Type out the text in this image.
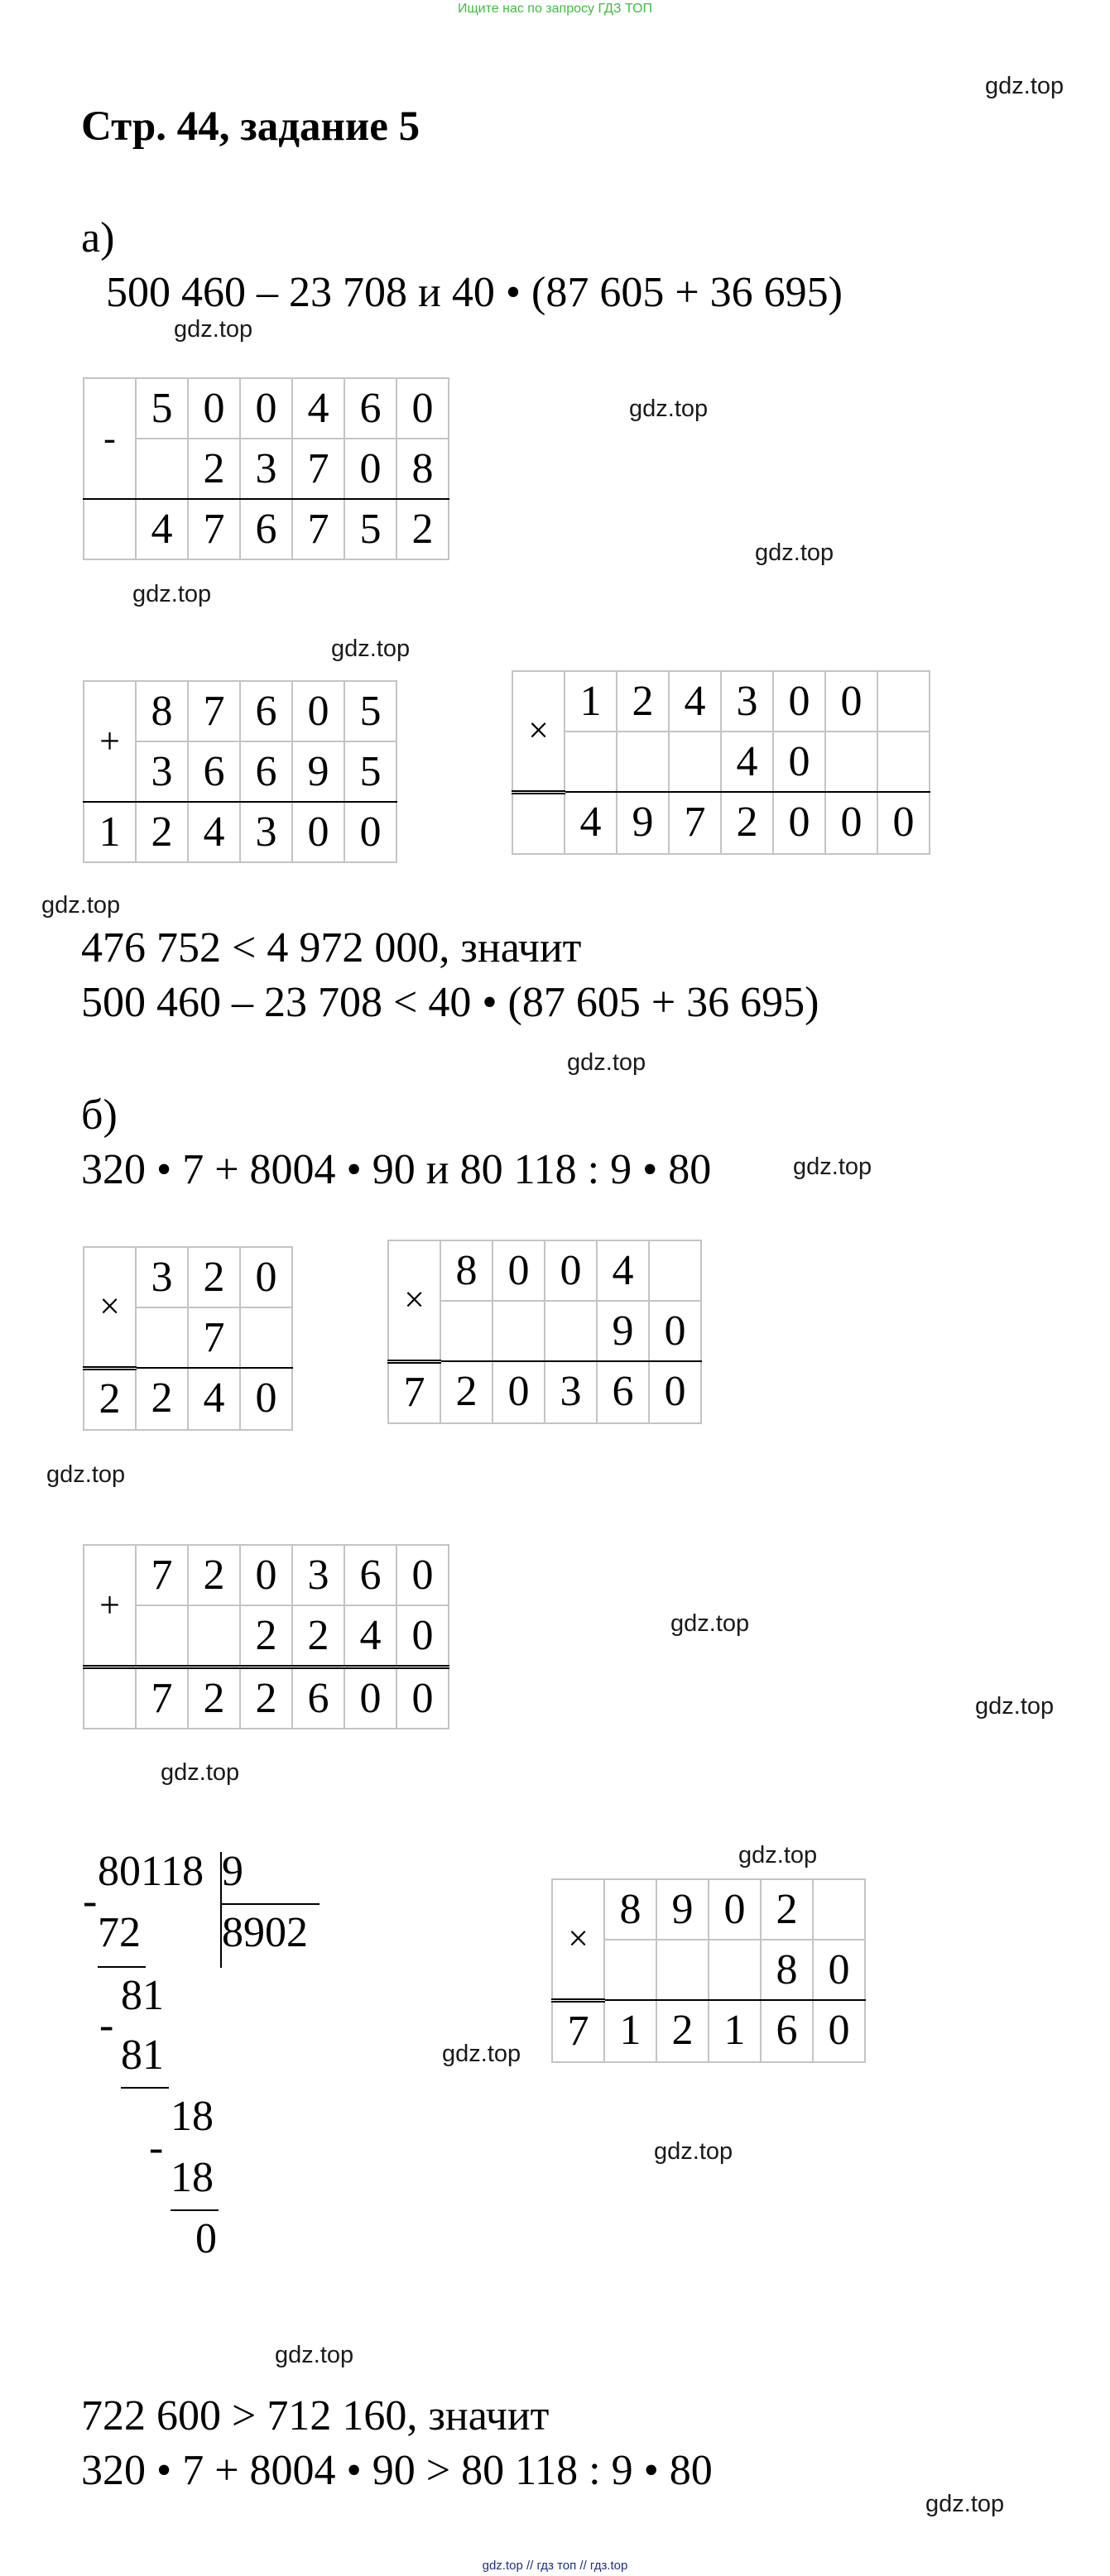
Ищите нас по запросу ГДЗ ТОП
gdz.top // гдз топ // гдз.top
gdz.top
gdz.top
gdz.top
gdz.top
gdz.top
gdz.top
gdz.top
gdz.top
gdz.top
gdz.top
gdz.top
gdz.top
gdz.top
gdz.top
gdz.top
gdz.top
gdz.top
gdz.top
Стр. 44, задание 5
а)
500 460 – 23 708 и 40 • (87 605 + 36 695)
-	5	0	0	4	6	0
		2	3	7	0	8
	4	7	6	7	5	2
+	8	7	6	0	5
	3	6	6	9	5
1	2	4	3	0	0
×	1	2	4	3	0	0	
				4	0		
	4	9	7	2	0	0	0
476 752 < 4 972 000, значит
500 460 – 23 708 < 40 • (87 605 + 36 695)
б)
320 • 7 + 8004 • 90 и 80 118 : 9 • 80
×	3	2	0
		7	
2	2	4	0
×	8	0	0	4	
				9	0
7	2	0	3	6	0
+	7	2	0	3	6	0
			2	2	4	0
	7	2	2	6	0	0
80118 9
8902
-
72
81
-
81
18
-
18
0
×	8	9	0	2	
				8	0
7	1	2	1	6	0
722 600 > 712 160, значит
320 • 7 + 8004 • 90 > 80 118 : 9 • 80
